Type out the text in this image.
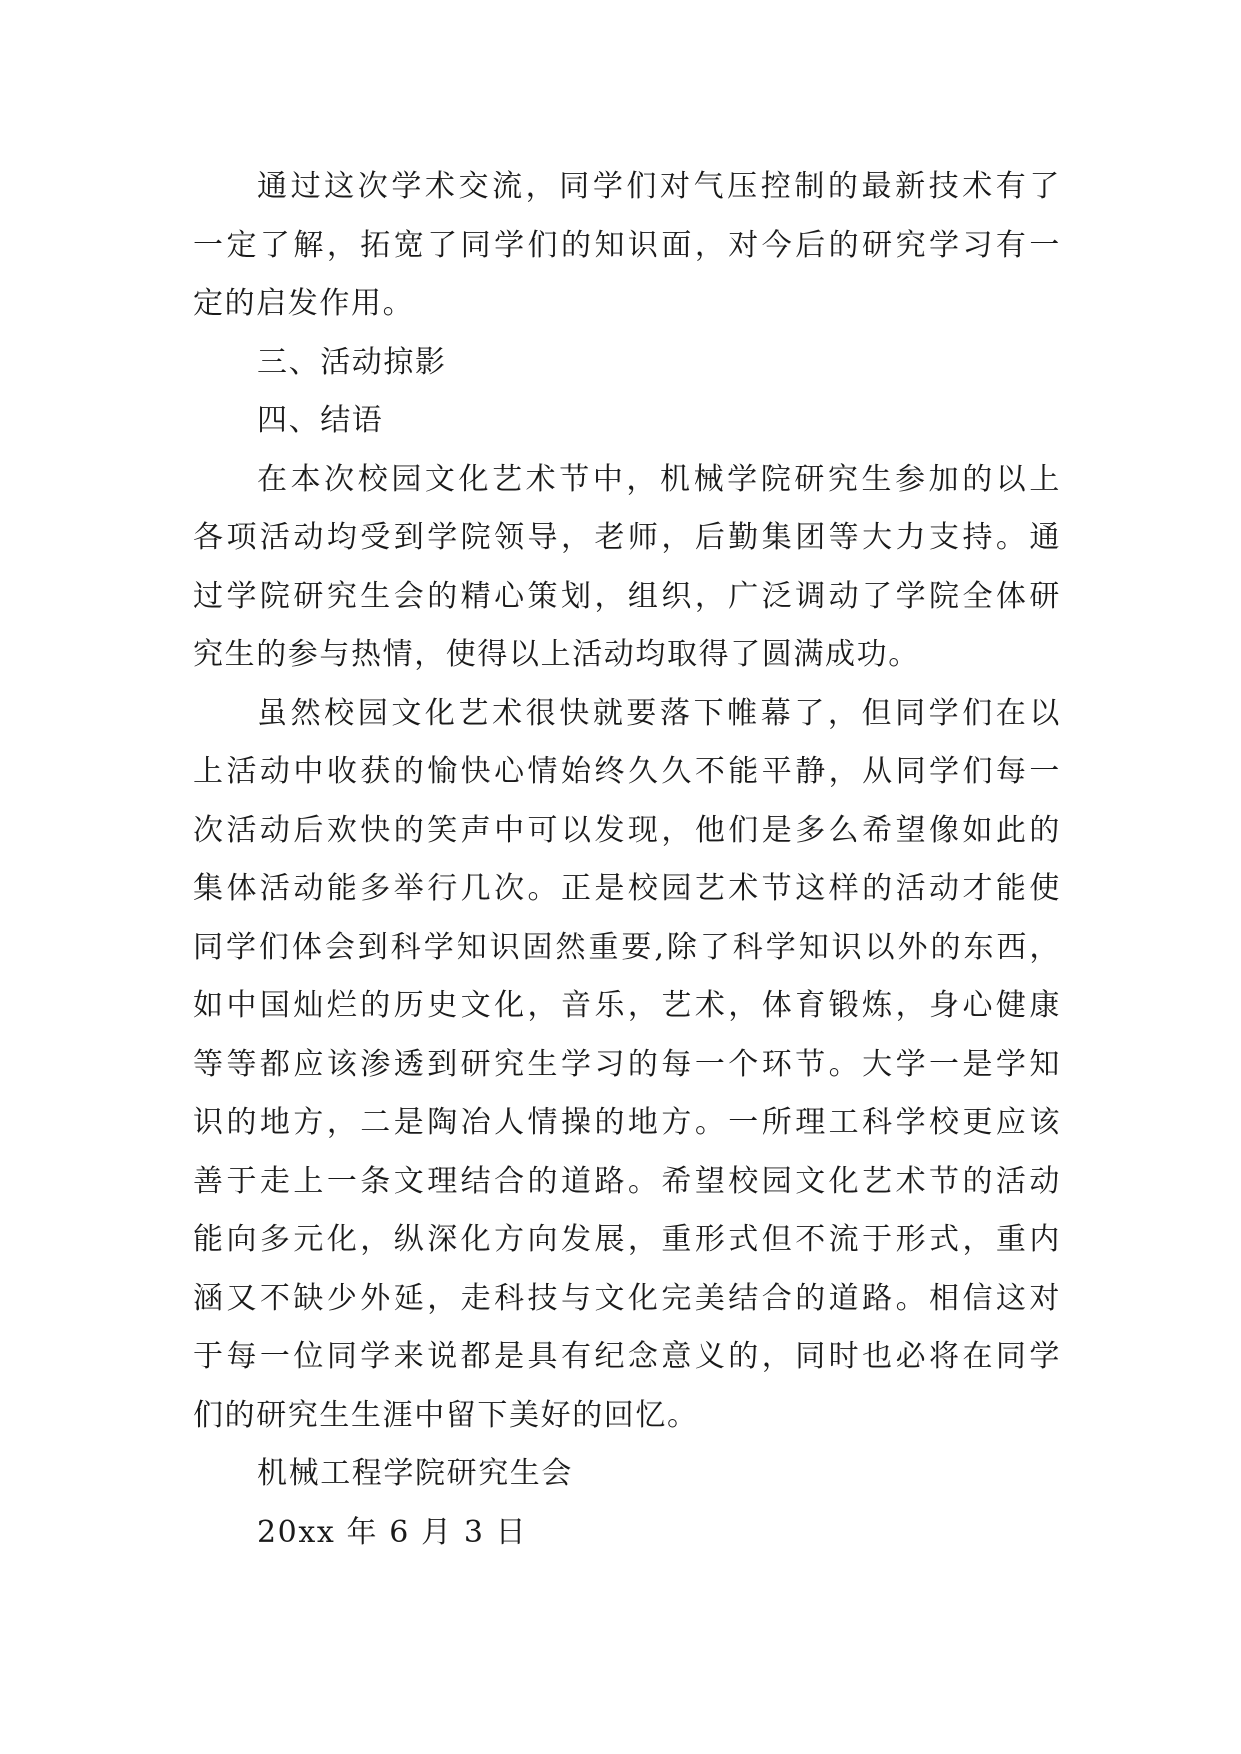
通过这次学术交流，同学们对气压控制的最新技术有了
一定了解，拓宽了同学们的知识面，对今后的研究学习有一
定的启发作用。

三、活动掠影

四、结语

在本次校园文化艺术节中，机械学院研究生参加的以上
各项活动均受到学院领导，老师，后勤集团等大力支持。通
过学院研究生会的精心策划，组织，广泛调动了学院全体研
究生的参与热情，使得以上活动均取得了圆满成功。

虽然校园文化艺术很快就要落下帷幕了，但同学们在以
上活动中收获的愉快心情始终久久不能平静，从同学们每一
次活动后欢快的笑声中可以发现，他们是多么希望像如此的
集体活动能多举行几次。正是校园艺术节这样的活动才能使
同学们体会到科学知识固然重要,除了科学知识以外的东西，
如中国灿烂的历史文化，音乐，艺术，体育锻炼，身心健康
等等都应该渗透到研究生学习的每一个环节。大学一是学知
识的地方，二是陶冶人情操的地方。一所理工科学校更应该
善于走上一条文理结合的道路。希望校园文化艺术节的活动
能向多元化，纵深化方向发展，重形式但不流于形式，重内
涵又不缺少外延，走科技与文化完美结合的道路。相信这对
于每一位同学来说都是具有纪念意义的，同时也必将在同学
们的研究生生涯中留下美好的回忆。

机械工程学院研究生会

20xx 年 6 月 3 日
